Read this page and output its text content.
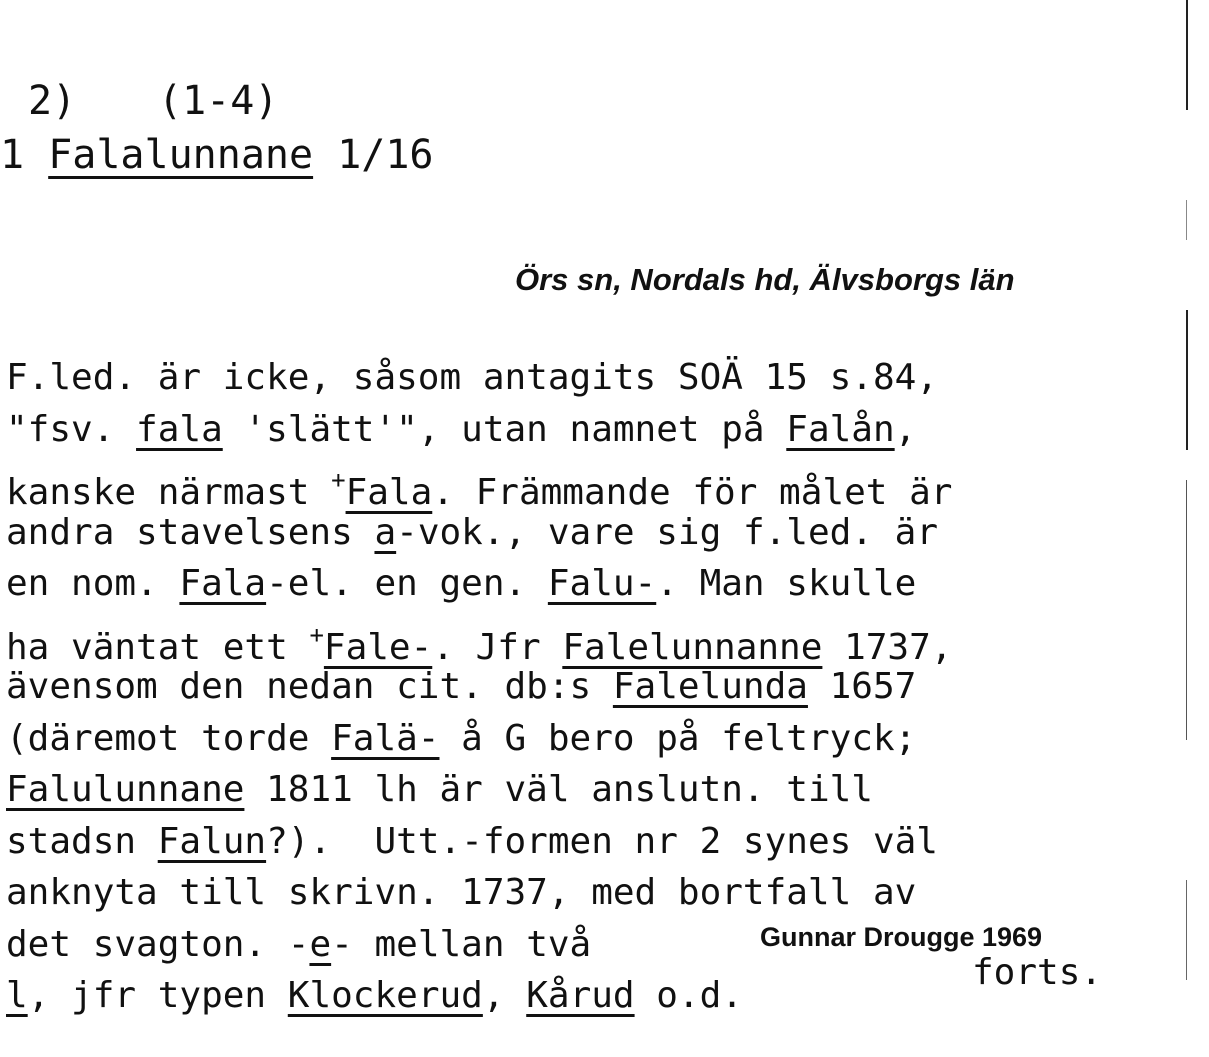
2) (1-4)
1 Falalunnane 1/16
Örs sn, Nordals hd, Älvsborgs län
F.led. är icke, såsom antagits SOÄ 15 s.84,
"fsv. fala 'slätt'", utan namnet på Falån,
kanske närmast +Fala. Främmande för målet är
andra stavelsens a-vok., vare sig f.led. är
en nom. Fala-el. en gen. Falu-. Man skulle
ha väntat ett +Fale-. Jfr Falelunnanne 1737,
ävensom den nedan cit. db:s Falelunda 1657
(däremot torde Falä- å G bero på feltryck;
Falulunnane 1811 lh är väl anslutn. till
stadsn Falun?).  Utt.-formen nr 2 synes väl
anknyta till skrivn. 1737, med bortfall av
det svagton. -e- mellan två
l, jfr typen Klockerud, Kårud o.d.
Gunnar Drougge 1969
forts.
